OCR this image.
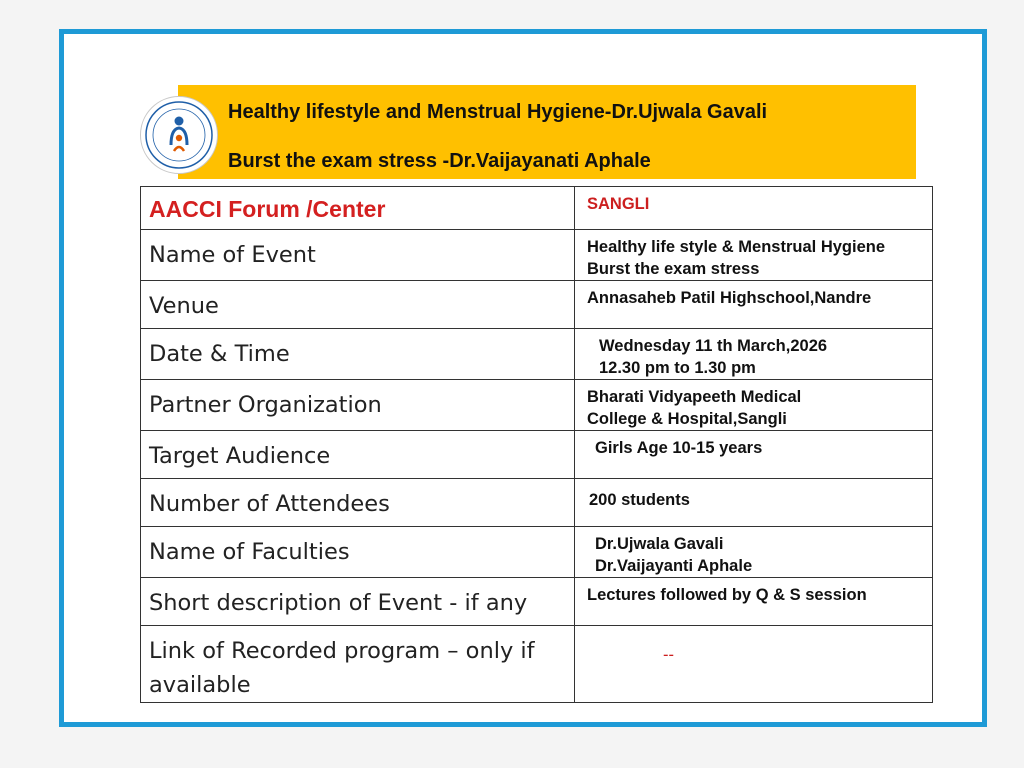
Healthy lifestyle and Menstrual Hygiene-Dr.Ujwala Gavali
Burst the exam stress -Dr.Vaijayanati Aphale
AACCI Forum /Center	SANGLI
Name of Event	Healthy life style & Menstrual Hygiene
Burst the exam stress

Venue	Annasaheb Patil Highschool,Nandre

Date & Time	Wednesday 11 th March,2026
12.30 pm to 1.30 pm

Partner Organization	Bharati Vidyapeeth Medical
College & Hospital,Sangli

Target Audience	Girls Age 10-15 years

Number of Attendees	200 students

Name of Faculties	Dr.Ujwala Gavali
Dr.Vaijayanti Aphale

Short description of Event - if any	Lectures followed by Q & S session

Link of Recorded program – only if available	--
